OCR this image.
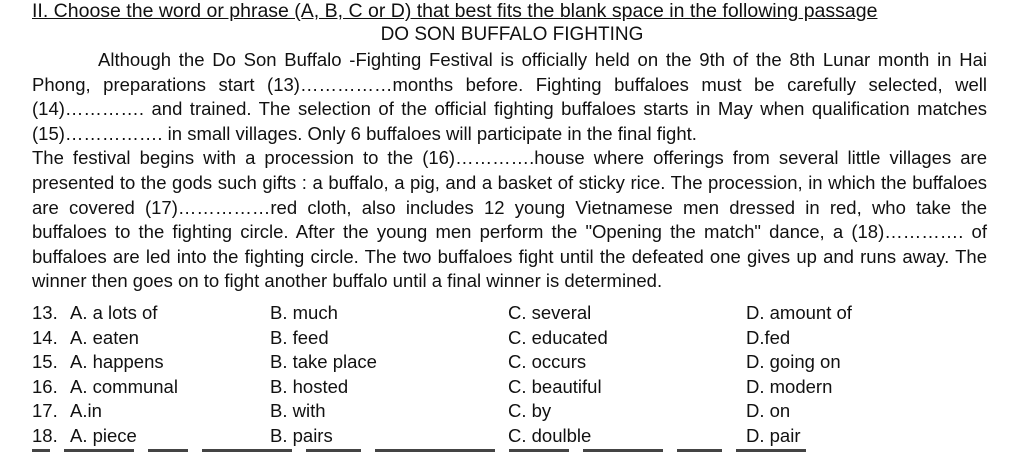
II. Choose the word or phrase (A, B, C or D) that best fits the blank space in the following passage
DO SON BUFFALO FIGHTING

Although the Do Son Buffalo -Fighting Festival is officially held on the 9th of the 8th Lunar month in Hai Phong, preparations start (13)……………months before. Fighting buffaloes must be carefully selected, well (14)…………. and trained. The selection of the official fighting buffaloes starts in May when qualification matches (15)……………. in small villages. Only 6 buffaloes will participate in the final fight.

The festival begins with a procession to the (16)………….house where offerings from several little villages are presented to the gods such gifts : a buffalo, a pig, and a basket of sticky rice. The procession, in which the buffaloes are covered (17)……………red cloth, also includes 12 young Vietnamese men dressed in red, who take the buffaloes to the fighting circle. After the young men perform the "Opening the match" dance, a (18)…………. of buffaloes are led into the fighting circle. The two buffaloes fight until the defeated one gives up and runs away. The winner then goes on to fight another buffalo until a final winner is determined.

13. A. a lots of	B. much	C. several	D. amount of
14. A. eaten	B. feed	C. educated	D.fed
15. A. happens	B. take place	C. occurs	D. going on
16. A. communal	B. hosted	C. beautiful	D. modern
17. A.in	B. with	C. by	D. on
18. A. piece	B. pairs	C. doulble	D. pair
